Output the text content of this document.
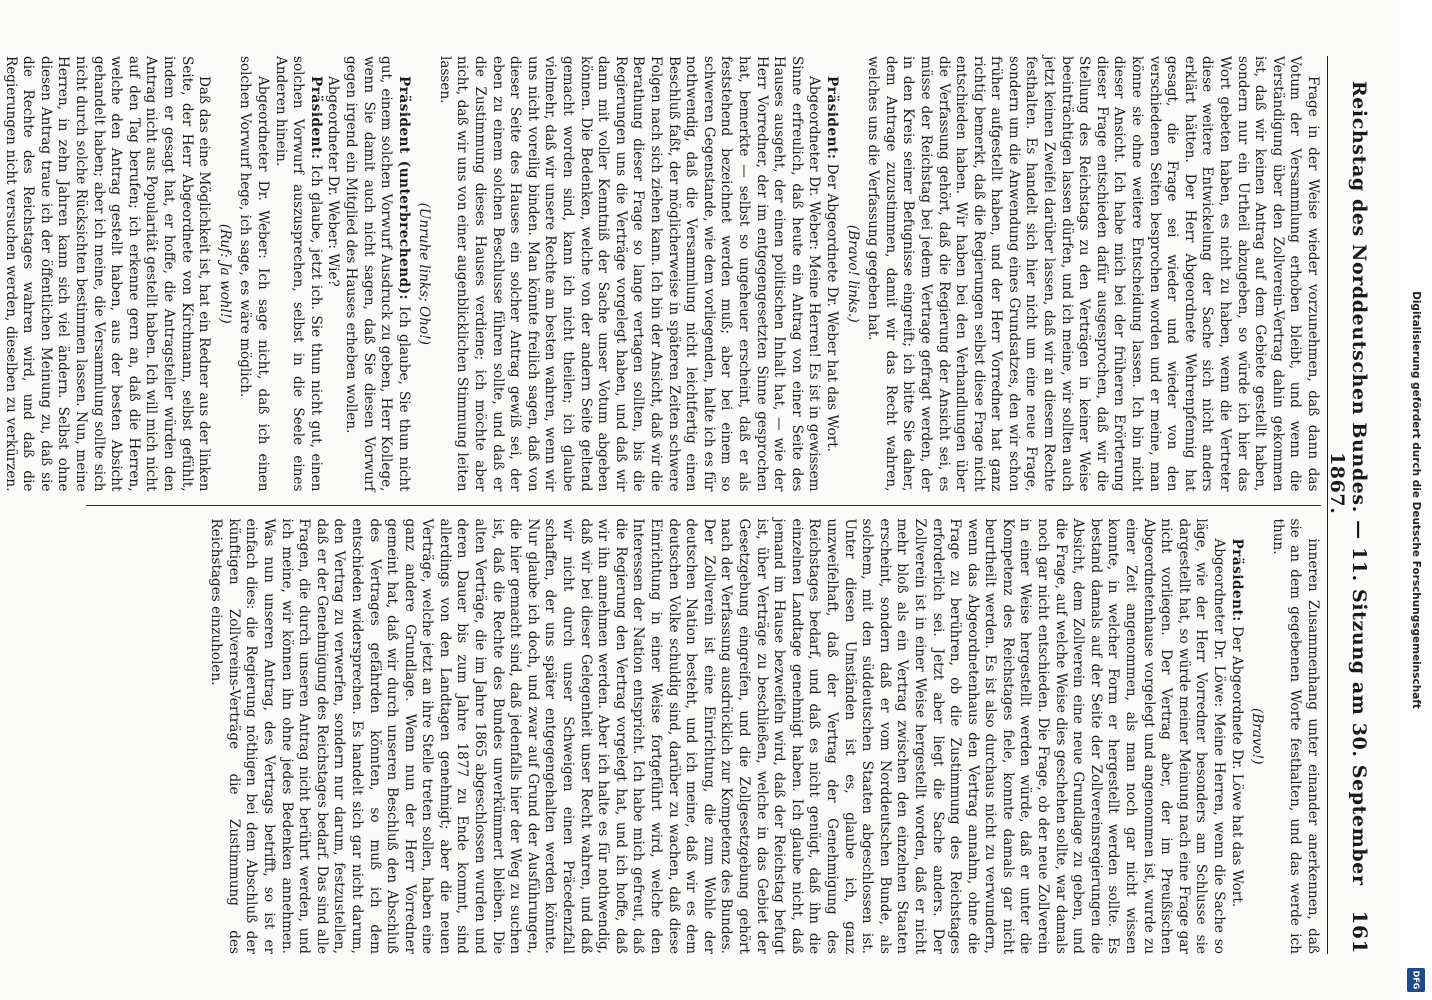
Reichstag des Norddeutschen Bundes. — 11. Sitzung am 30. September 1867.
161

Frage in der Weise wieder vorzunehmen, daß dann das Votum der Versammlung erhoben bleibt, und wenn die Verständigung über den Zollverein-Vertrag dahin gekommen ist, daß wir keinen Antrag auf dem Gebiete gestellt haben, sondern nur ein Urtheil abzugeben, so würde ich hier das Wort gebeten haben, es nicht zu haben, wenn die Vertreter diese weitere Entwickelung der Sache sich nicht anders erklärt hätten. Der Herr Abgeordnete Wehrenpfennig hat gesagt, die Frage sei wieder und wieder von den verschiedenen Seiten besprochen worden und er meine, man könne sie ohne weitere Entscheidung lassen. Ich bin nicht dieser Ansicht. Ich habe mich bei der früheren Erörterung dieser Frage entschieden dafür ausgesprochen, daß wir die Stellung des Reichstags zu den Verträgen in keiner Weise beeinträchtigen lassen dürfen, und ich meine, wir sollten auch jetzt keinen Zweifel darüber lassen, daß wir an diesem Rechte festhalten. Es handelt sich hier nicht um eine neue Frage, sondern um die Anwendung eines Grundsatzes, den wir schon früher aufgestellt haben, und der Herr Vorredner hat ganz richtig bemerkt, daß die Regierungen selbst diese Frage nicht entschieden haben. Wir haben bei den Verhandlungen über die Verfassung gehört, daß die Regierung der Ansicht sei, es müsse der Reichstag bei jedem Vertrage gefragt werden, der in den Kreis seiner Befugnisse eingreift; ich bitte Sie daher, dem Antrage zuzustimmen, damit wir das Recht wahren, welches uns die Verfassung gegeben hat.

(Bravo! links.)

Präsident: Der Abgeordnete Dr. Weber hat das Wort.

Abgeordneter Dr. Weber: Meine Herren! Es ist in gewissem Sinne erfreulich, daß heute ein Antrag von einer Seite des Hauses ausgeht, der einen politischen Inhalt hat, — wie der Herr Vorredner, der im entgegengesetzten Sinne gesprochen hat, bemerkte — selbst so ungeheuer erscheint, daß er als feststehend bezeichnet werden muß; aber bei einem so schweren Gegenstande, wie dem vorliegenden, halte ich es für nothwendig, daß die Versammlung nicht leichtfertig einen Beschluß faßt, der möglicherweise in späteren Zeiten schwere Folgen nach sich ziehen kann. Ich bin der Ansicht, daß wir die Berathung dieser Frage so lange vertagen sollten, bis die Regierungen uns die Verträge vorgelegt haben, und daß wir dann mit voller Kenntniß der Sache unser Votum abgeben können. Die Bedenken, welche von der andern Seite geltend gemacht worden sind, kann ich nicht theilen; ich glaube vielmehr, daß wir unsere Rechte am besten wahren, wenn wir uns nicht voreilig binden. Man könnte freilich sagen, daß von dieser Seite des Hauses ein solcher Antrag gewiß sei, der eben zu einem solchen Beschlusse führen sollte, und daß er die Zustimmung dieses Hauses verdiene; ich möchte aber nicht, daß wir uns von einer augenblicklichen Stimmung leiten lassen.

(Unruhe links; Oho!)

Präsident (unterbrechend): Ich glaube, Sie thun nicht gut, einem solchen Vorwurf Ausdruck zu geben, Herr Kollege, wenn Sie damit auch nicht sagen, daß Sie diesen Vorwurf gegen irgend ein Mitglied des Hauses erheben wollen.

Abgeordneter Dr. Weber: Wie?

Präsident: Ich glaube, jetzt ich. Sie thun nicht gut, einen solchen Vorwurf auszusprechen, selbst in die Seele eines Anderen hinein.

Abgeordneter Dr. Weber: Ich sage nicht, daß ich einen solchen Vorwurf hege, ich sage, es wäre möglich.

(Ruf: Ja wohl!)

Daß das eine Möglichkeit ist, hat ein Redner aus der linken Seite, der Herr Abgeordnete von Kirchmann, selbst gefühlt, indem er gesagt hat, er hoffe, die Antragsteller würden den Antrag nicht aus Popularität gestellt haben. Ich will mich nicht auf den Tag berufen; ich erkenne gern an, daß die Herren, welche den Antrag gestellt haben, aus der besten Absicht gehandelt haben; aber ich meine, die Versammlung sollte sich nicht durch solche Rücksichten bestimmen lassen. Nun, meine Herren, in zehn Jahren kann sich viel ändern. Selbst ohne diesen Antrag traue ich der öffentlichen Meinung zu, daß sie die Rechte des Reichstages wahren wird, und daß die Regierungen nicht versuchen werden, dieselben zu verkürzen.

inneren Zusammenhang unter einander anerkennen, daß sie an dem gegebenen Worte festhalten, und das werde ich thun.

(Bravo!)

Präsident: Der Abgeordnete Dr. Löwe hat das Wort.

Abgeordneter Dr. Löwe: Meine Herren, wenn die Sache so läge, wie der Herr Vorredner besonders am Schlusse sie dargestellt hat, so würde meiner Meinung nach eine Frage gar nicht vorliegen. Der Vertrag aber, der im Preußischen Abgeordnetenhause vorgelegt und angenommen ist, wurde zu einer Zeit angenommen, als man noch gar nicht wissen konnte, in welcher Form er hergestellt werden sollte. Es bestand damals auf der Seite der Zollvereinsregierungen die Absicht, dem Zollverein eine neue Grundlage zu geben, und die Frage, auf welche Weise dies geschehen sollte, war damals noch gar nicht entschieden. Die Frage, ob der neue Zollverein in einer Weise hergestellt werden würde, daß er unter die Kompetenz des Reichstages fiele, konnte damals gar nicht beurtheilt werden. Es ist also durchaus nicht zu verwundern, wenn das Abgeordnetenhaus den Vertrag annahm, ohne die Frage zu berühren, ob die Zustimmung des Reichstages erforderlich sei. Jetzt aber liegt die Sache anders. Der Zollverein ist in einer Weise hergestellt worden, daß er nicht mehr bloß als ein Vertrag zwischen den einzelnen Staaten erscheint, sondern daß er vom Norddeutschen Bunde, als solchem, mit den süddeutschen Staaten abgeschlossen ist. Unter diesen Umständen ist es, glaube ich, ganz unzweifelhaft, daß der Vertrag der Genehmigung des Reichstages bedarf, und daß es nicht genügt, daß ihn die einzelnen Landtage genehmigt haben. Ich glaube nicht, daß jemand im Hause bezweifeln wird, daß der Reichstag befugt ist, über Verträge zu beschließen, welche in das Gebiet der Gesetzgebung eingreifen, und die Zollgesetzgebung gehört nach der Verfassung ausdrücklich zur Kompetenz des Bundes. Der Zollverein ist eine Einrichtung, die zum Wohle der deutschen Nation besteht, und ich meine, daß wir es dem deutschen Volke schuldig sind, darüber zu wachen, daß diese Einrichtung in einer Weise fortgeführt wird, welche den Interessen der Nation entspricht. Ich habe mich gefreut, daß die Regierung den Vertrag vorgelegt hat, und ich hoffe, daß wir ihn annehmen werden. Aber ich halte es für nothwendig, daß wir bei dieser Gelegenheit unser Recht wahren, und daß wir nicht durch unser Schweigen einen Präcedenzfall schaffen, der uns später entgegengehalten werden könnte. Nur glaube ich doch, und zwar auf Grund der Ausführungen, die hier gemacht sind, daß jedenfalls hier der Weg zu suchen ist, daß die Rechte des Bundes unverkümmert bleiben. Die alten Verträge, die im Jahre 1865 abgeschlossen wurden und deren Dauer bis zum Jahre 1877 zu Ende kommt, sind allerdings von den Landtagen genehmigt; aber die neuen Verträge, welche jetzt an ihre Stelle treten sollen, haben eine ganz andere Grundlage. Wenn nun der Herr Vorredner gemeint hat, daß wir durch unseren Beschluß den Abschluß des Vertrages gefährden könnten, so muß ich dem entschieden widersprechen. Es handelt sich gar nicht darum, den Vertrag zu verwerfen, sondern nur darum, festzustellen, daß er der Genehmigung des Reichstages bedarf. Das sind alle Fragen, die durch unseren Antrag nicht berührt werden, und ich meine, wir können ihn ohne jedes Bedenken annehmen. Was nun unseren Antrag, des Vertrags betrifft, so ist er einfach dies: die Regierung nöthigen bei dem Abschluß der künftigen Zollvereins-Verträge die Zustimmung des Reichstages einzuholen.	Digitalisierung gefördert durch die Deutsche Forschungsgemeinschaft
DFG
